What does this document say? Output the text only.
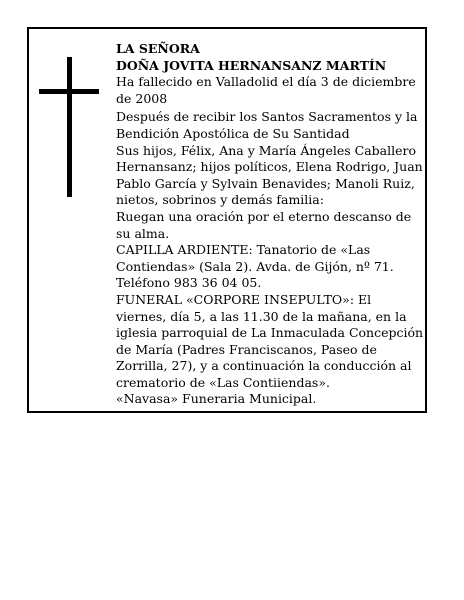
LA SEÑORA

DOÑA JOVITA HERNANSANZ MARTÍN

Ha fallecido en Valladolid el día 3 de diciembre de 2008

Después de recibir los Santos Sacramentos y la Bendición Apostólica de Su Santidad

Sus hijos, Félix, Ana y María Ángeles Caballero Hernansanz; hijos políticos, Elena Rodrigo, Juan Pablo García y Sylvain Benavides; Manoli Ruiz, nietos, sobrinos y demás familia:

Ruegan una oración por el eterno descanso de su alma.

CAPILLA ARDIENTE: Tanatorio de «Las Contiendas» (Sala 2). Avda. de Gijón, nº 71. Teléfono 983 36 04 05.

FUNERAL «CORPORE INSEPULTO»: El viernes, día 5, a las 11.30 de la mañana, en la iglesia parroquial de La Inmaculada Concepción de María (Padres Franciscanos, Paseo de Zorrilla, 27), y a continuación la conducción al crematorio de «Las Contiiendas».

«Navasa» Funeraria Municipal.
